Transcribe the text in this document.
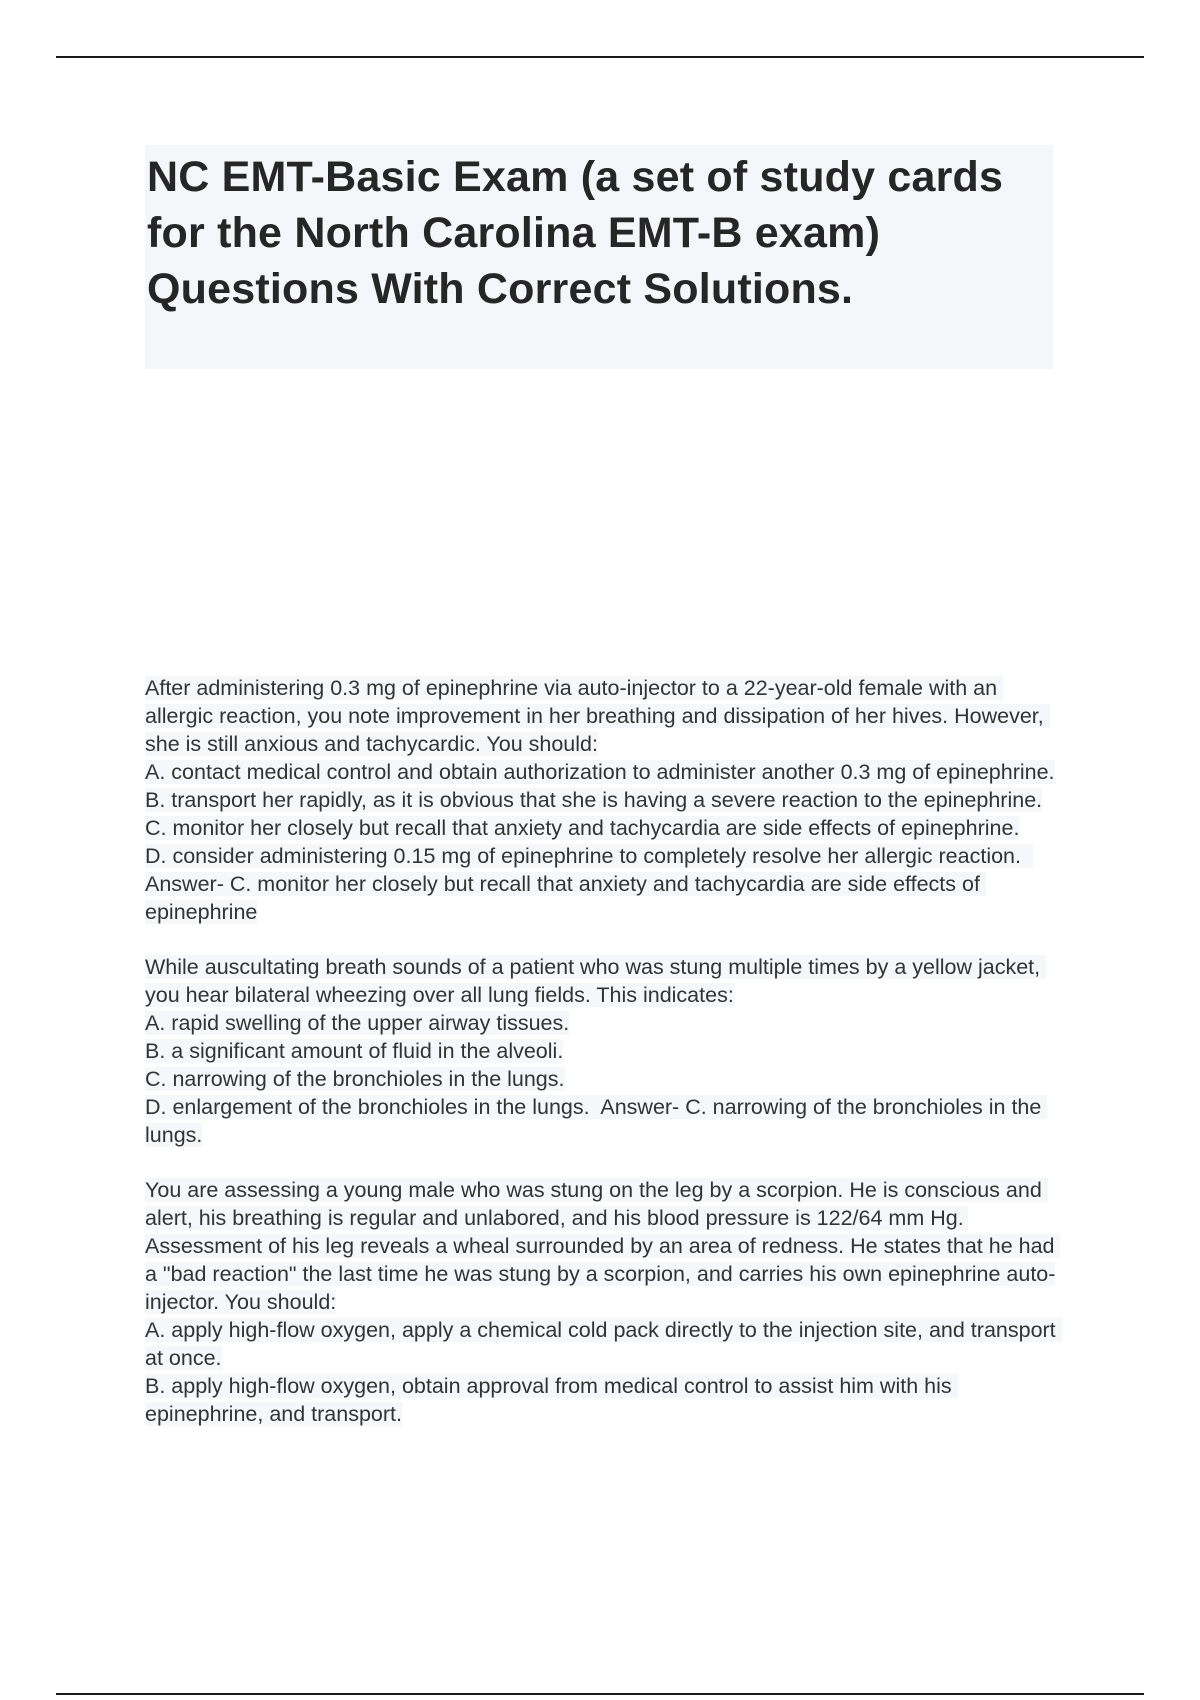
NC EMT-Basic Exam (a set of study cards for the North Carolina EMT-B exam) Questions With Correct Solutions.

After administering 0.3 mg of epinephrine via auto-injector to a 22-year-old female with an allergic reaction, you note improvement in her breathing and dissipation of her hives. However, she is still anxious and tachycardic. You should:
A. contact medical control and obtain authorization to administer another 0.3 mg of epinephrine.
B. transport her rapidly, as it is obvious that she is having a severe reaction to the epinephrine.
C. monitor her closely but recall that anxiety and tachycardia are side effects of epinephrine.
D. consider administering 0.15 mg of epinephrine to completely resolve her allergic reaction.  Answer- C. monitor her closely but recall that anxiety and tachycardia are side effects of epinephrine

While auscultating breath sounds of a patient who was stung multiple times by a yellow jacket, you hear bilateral wheezing over all lung fields. This indicates:
A. rapid swelling of the upper airway tissues.
B. a significant amount of fluid in the alveoli.
C. narrowing of the bronchioles in the lungs.
D. enlargement of the bronchioles in the lungs.  Answer- C. narrowing of the bronchioles in the lungs.

You are assessing a young male who was stung on the leg by a scorpion. He is conscious and alert, his breathing is regular and unlabored, and his blood pressure is 122/64 mm Hg. Assessment of his leg reveals a wheal surrounded by an area of redness. He states that he had a "bad reaction" the last time he was stung by a scorpion, and carries his own epinephrine auto-injector. You should:
A. apply high-flow oxygen, apply a chemical cold pack directly to the injection site, and transport at once.
B. apply high-flow oxygen, obtain approval from medical control to assist him with his epinephrine, and transport.
